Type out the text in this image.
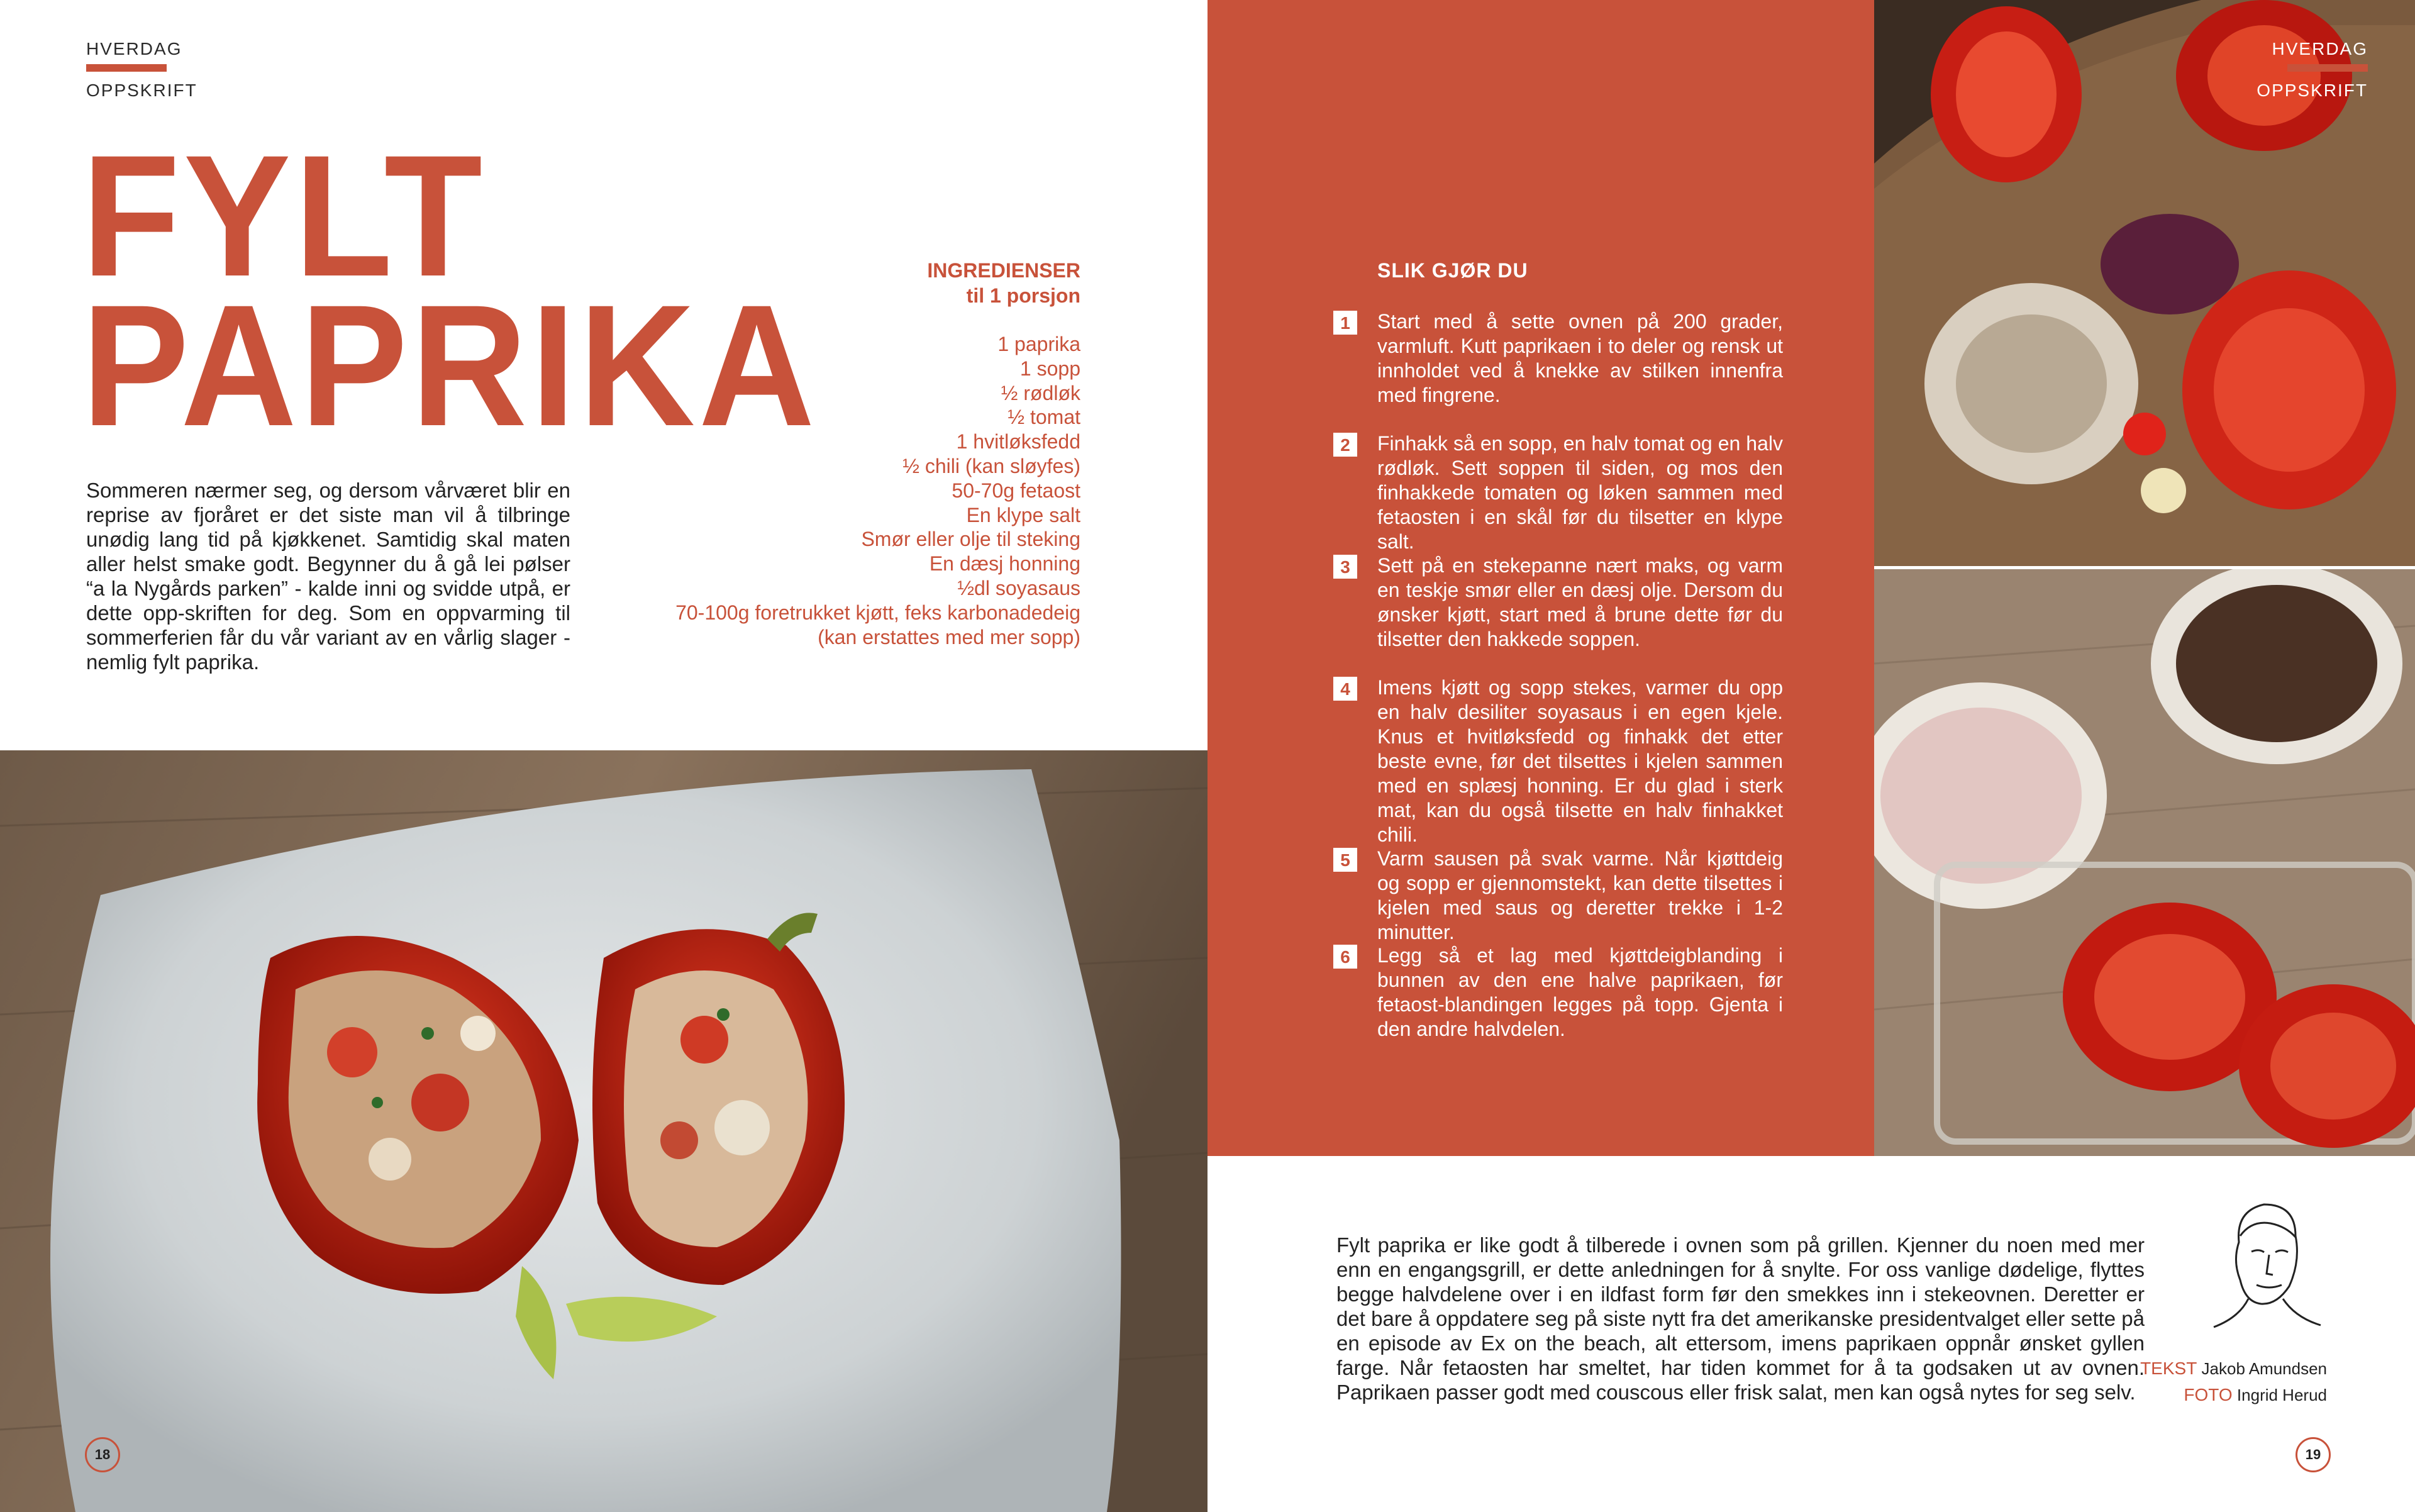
HVERDAG
OPPSKRIFT
FYLT
PAPRIKA
Sommeren nærmer seg, og dersom vårværet blir en reprise av fjoråret er det siste man vil å tilbringe unødig lang tid på kjøkkenet. Samtidig skal maten aller helst smake godt. Begynner du å gå lei pølser “a la Nygårds parken” - kalde inni og svidde utpå, er dette opp-skriften for deg. Som en oppvarming til sommerferien får du vår variant av en vårlig slager - nemlig fylt paprika.
INGREDIENSER
til 1 porsjon
1 paprika
1 sopp
½ rødløk
½ tomat
1 hvitløksfedd
½ chili (kan sløyfes)
50-70g fetaost
En klype salt
Smør eller olje til steking
En dæsj honning
½dl soyasaus
70-100g foretrukket kjøtt, feks karbonadedeig
(kan erstattes med mer sopp)
18
SLIK GJØR DU
1	Start med å sette ovnen på 200 grader, varmluft. Kutt paprikaen i to deler og rensk ut innholdet ved å knekke av stilken innenfra med fingrene.
2	Finhakk så en sopp, en halv tomat og en halv rødløk. Sett soppen til siden, og mos den finhakkede tomaten og løken sammen med fetaosten i en skål før du tilsetter en klype salt.
3	Sett på en stekepanne nært maks, og varm en teskje smør eller en dæsj olje. Dersom du ønsker kjøtt, start med å brune dette før du tilsetter den hakkede soppen.
4	Imens kjøtt og sopp stekes, varmer du opp en halv desiliter soyasaus i en egen kjele. Knus et hvitløksfedd og finhakk det etter beste evne, før det tilsettes i kjelen sammen med en splæsj honning. Er du glad i sterk mat, kan du også tilsette en halv finhakket chili.
5	Varm sausen på svak varme. Når kjøttdeig og sopp er gjennomstekt, kan dette tilsettes i kjelen med saus og deretter trekke i 1-2 minutter.
6	Legg så et lag med kjøttdeigblanding i bunnen av den ene halve paprikaen, før fetaost-blandingen legges på topp. Gjenta i den andre halvdelen.
HVERDAG
OPPSKRIFT
Fylt paprika er like godt å tilberede i ovnen som på grillen. Kjenner du noen med mer enn en engangsgrill, er dette anledningen for å snylte. For oss vanlige dødelige, flyttes begge halvdelene over i en ildfast form før den smekkes inn i stekeovnen. Deretter er det bare å oppdatere seg på siste nytt fra det amerikanske presidentvalget eller sette på en episode av Ex on the beach, alt ettersom, imens paprikaen oppnår ønsket gyllen farge. Når fetaosten har smeltet, har tiden kommet for å ta godsaken ut av ovnen. Paprikaen passer godt med couscous eller frisk salat, men kan også nytes for seg selv.
TEKST Jakob Amundsen
FOTO Ingrid Herud
19
